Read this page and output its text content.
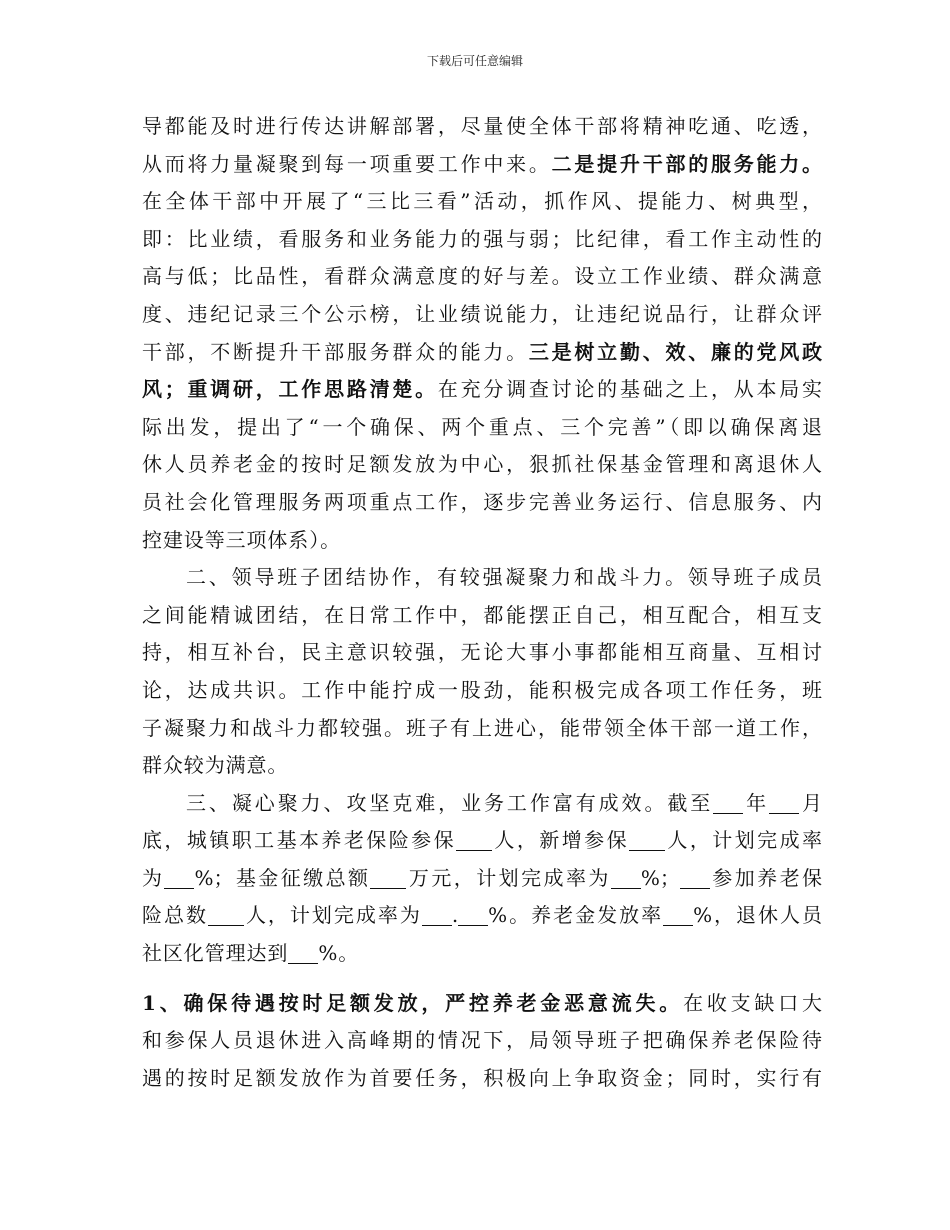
下载后可任意编辑
导都能及时进行传达讲解部署，尽量使全体干部将精神吃通、吃透，
从而将力量凝聚到每一项重要工作中来。二是提升干部的服务能力。
在全体干部中开展了“三比三看”活动，抓作风、提能力、树典型，
即：比业绩，看服务和业务能力的强与弱；比纪律，看工作主动性的
高与低；比品性，看群众满意度的好与差。设立工作业绩、群众满意
度、违纪记录三个公示榜，让业绩说能力，让违纪说品行，让群众评
干部，不断提升干部服务群众的能力。三是树立勤、效、廉的党风政
风；重调研，工作思路清楚。在充分调查讨论的基础之上，从本局实
际出发，提出了“一个确保、两个重点、三个完善”（即以确保离退
休人员养老金的按时足额发放为中心，狠抓社保基金管理和离退休人
员社会化管理服务两项重点工作，逐步完善业务运行、信息服务、内
控建设等三项体系）。
二、领导班子团结协作，有较强凝聚力和战斗力。领导班子成员
之间能精诚团结，在日常工作中，都能摆正自己，相互配合，相互支
持，相互补台，民主意识较强，无论大事小事都能相互商量、互相讨
论，达成共识。工作中能拧成一股劲，能积极完成各项工作任务，班
子凝聚力和战斗力都较强。班子有上进心，能带领全体干部一道工作，
群众较为满意。
三、凝心聚力、攻坚克难，业务工作富有成效。截至 年 月
底，城镇职工基本养老保险参保 人，新增参保 人，计划完成率
为 %；基金征缴总额 万元，计划完成率为 %； 参加养老保
险总数 人，计划完成率为 . %。养老金发放率 %，退休人员
社区化管理达到 %。
1、确保待遇按时足额发放，严控养老金恶意流失。在收支缺口大
和参保人员退休进入高峰期的情况下，局领导班子把确保养老保险待
遇的按时足额发放作为首要任务，积极向上争取资金；同时，实行有
